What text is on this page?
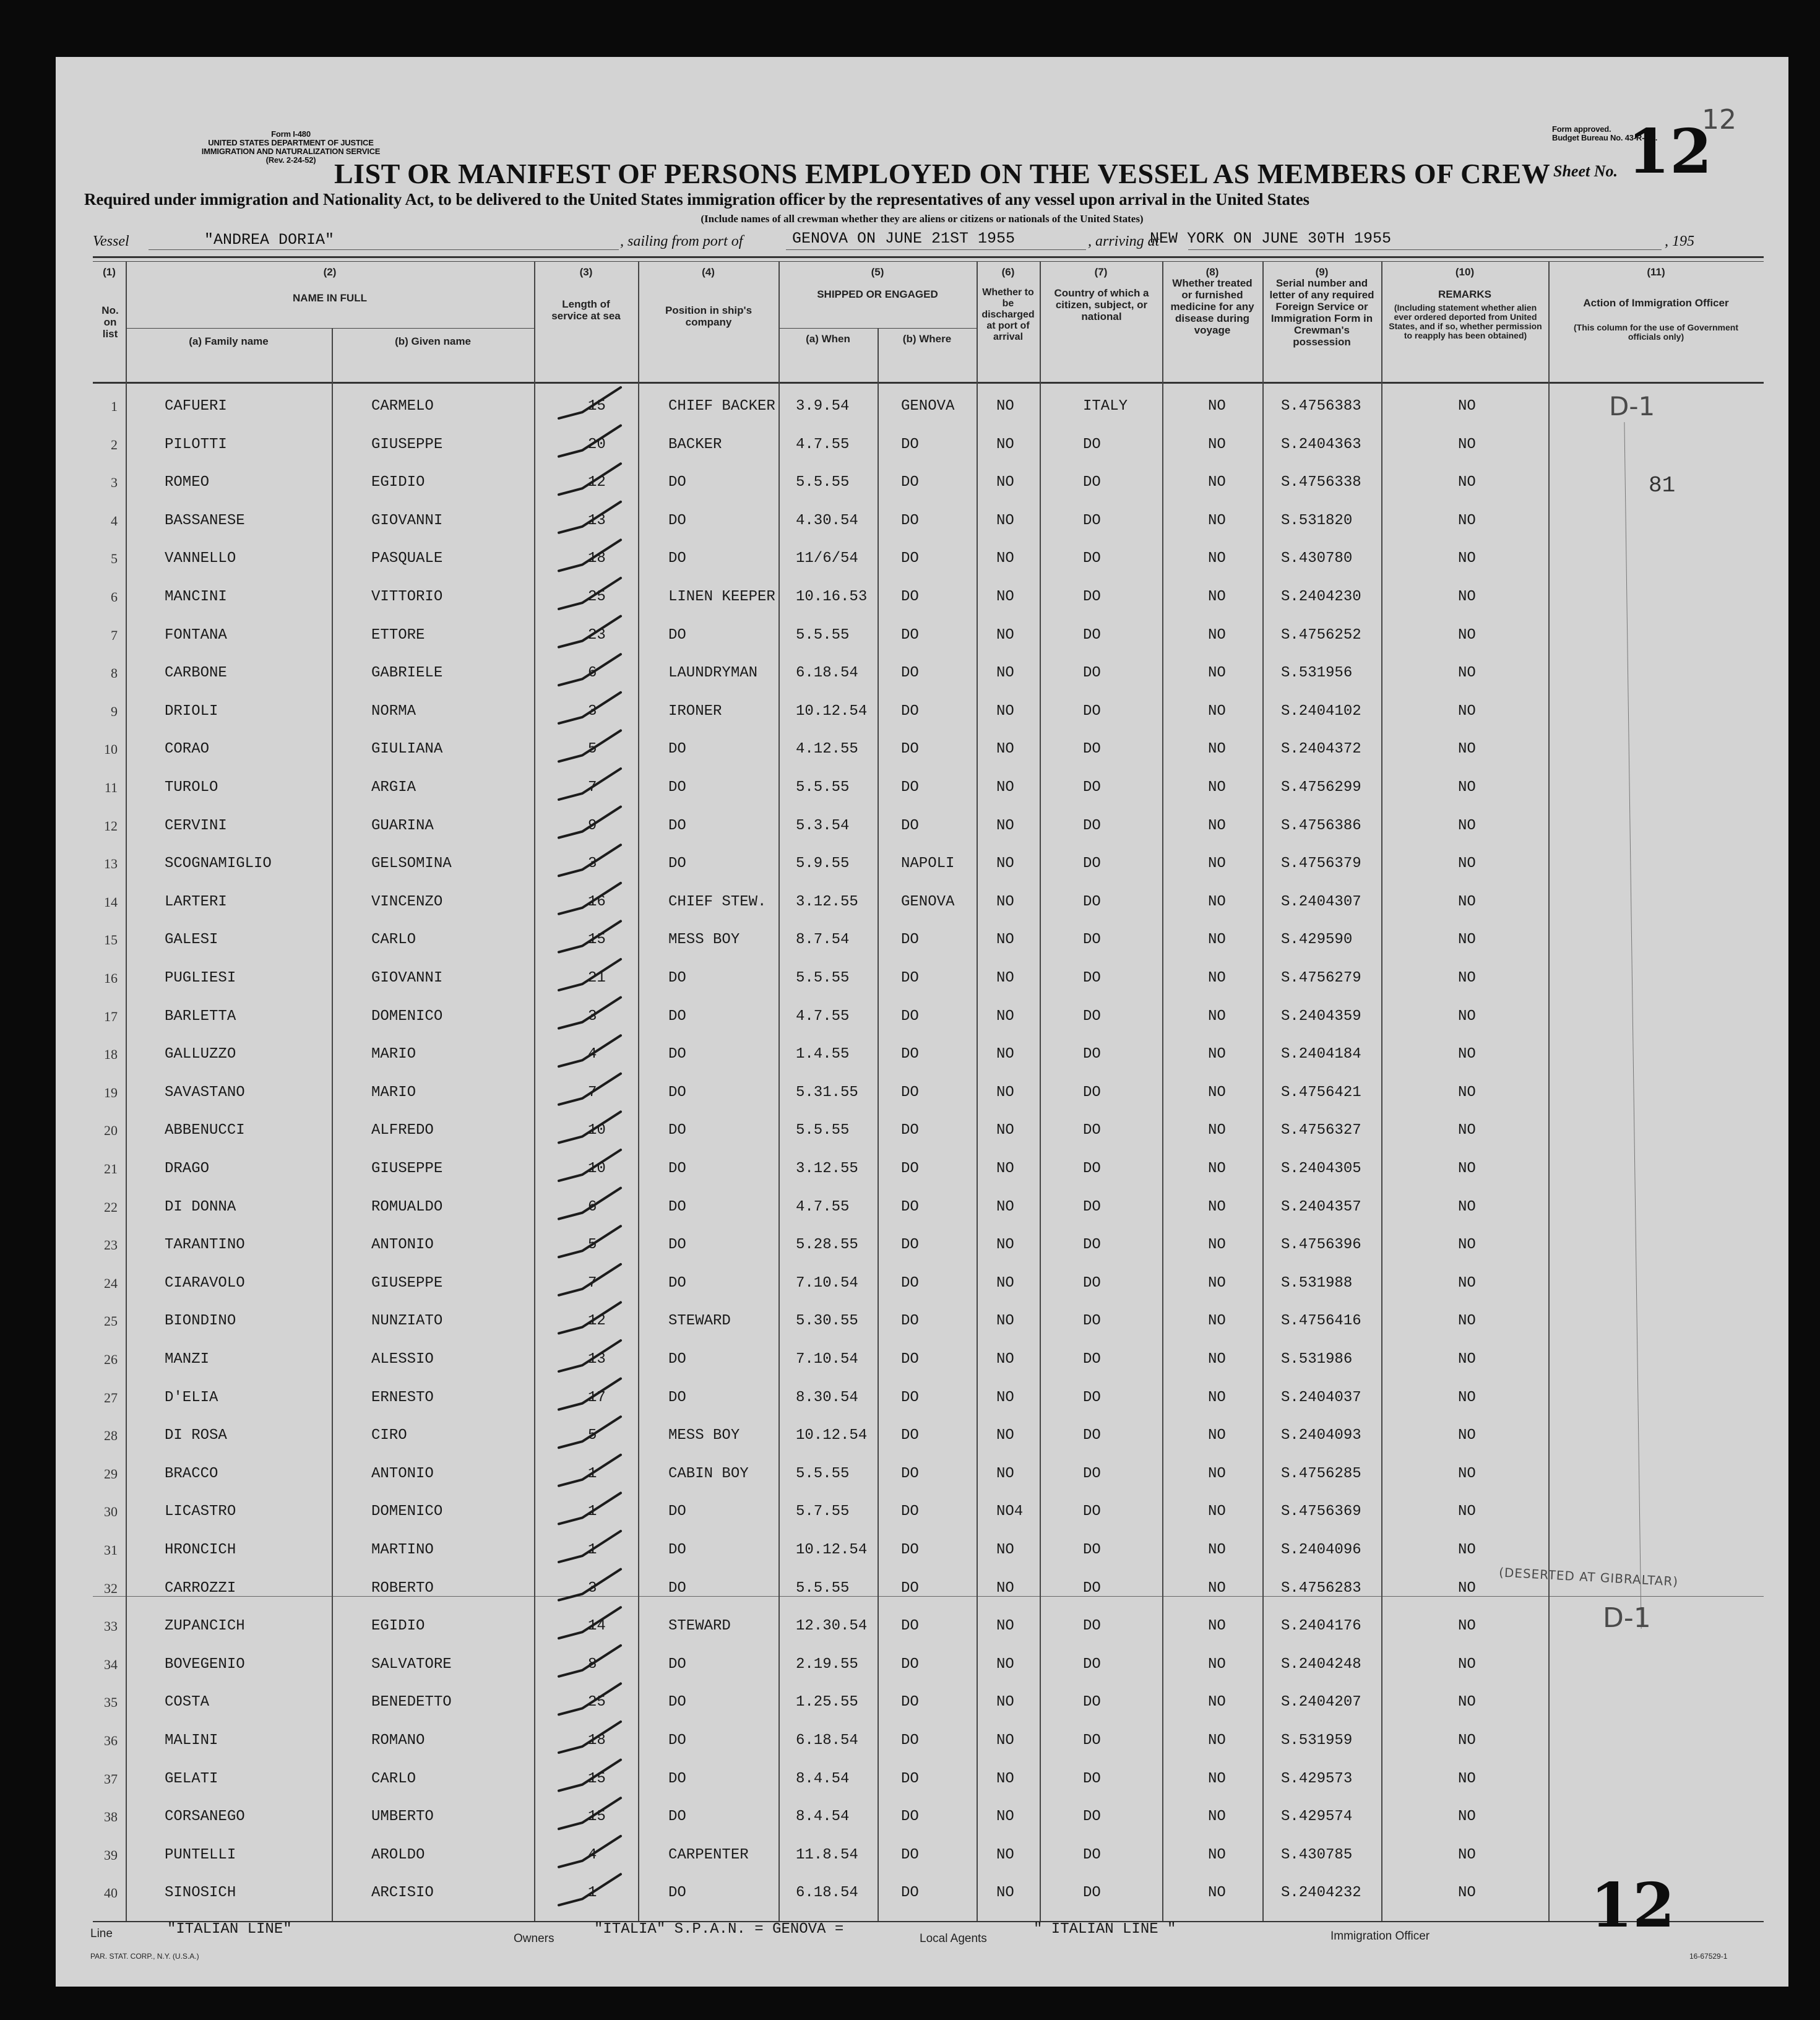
Form I-480
UNITED STATES DEPARTMENT OF JUSTICE
IMMIGRATION AND NATURALIZATION SERVICE
(Rev. 2-24-52)
Form approved.
Budget Bureau No. 43-R-8.3.
LIST OR MANIFEST OF PERSONS EMPLOYED ON THE VESSEL AS MEMBERS OF CREW Sheet No. 12
12
Required under immigration and Nationality Act, to be delivered to the United States immigration officer by the representatives of any vessel upon arrival in the United States
(Include names of all crewman whether they are aliens or citizens or nationals of the United States)
Vessel	"ANDREA DORIA"	, sailing from port of	GENOVA ON JUNE 21ST 1955	, arriving at
NEW YORK ON JUNE 30TH 1955	, 195
(1)
No. on list
(2)
NAME IN FULL
(a) Family name	(b) Given name
(3)
Length of service at sea
(4)
Position in ship's company
(5)
SHIPPED OR ENGAGED
(a) When	(b) Where
(6)
Whether to be discharged at port of arrival
(7)
Country of which a citizen, subject, or national
(8)
Whether treated or furnished medicine for any disease during voyage
(9)
Serial number and letter of any required Foreign Service or Immigration Form in Crewman's possession
(10)
REMARKS
(Including statement whether alien ever ordered deported from United States, and if so, whether permission to reapply has been obtained)
(11)
Action of Immigration Officer
(This column for the use of Government officials only)
1	CAFUERI	CARMELO	15	CHIEF BACKER 3.9.54	GENOVA	NO	ITALY	NO	S.4756383	NO
2	PILOTTI	GIUSEPPE	20	BACKER	4.7.55	DO	NO	DO	NO	S.2404363	NO
3	ROMEO	EGIDIO	12	DO	5.5.55	DO	NO	DO	NO	S.4756338	NO
4	BASSANESE	GIOVANNI	13	DO	4.30.54	DO	NO	DO	NO	S.531820	NO
5	VANNELLO	PASQUALE	18	DO	11/6/54	DO	NO	DO	NO	S.430780	NO
6	MANCINI	VITTORIO	25	LINEN KEEPER 10.16.53 DO	NO	DO	NO	S.2404230	NO
7	FONTANA	ETTORE	23	DO	5.5.55	DO	NO	DO	NO	S.4756252	NO
8	CARBONE	GABRIELE	6	LAUNDRYMAN	6.18.54	DO	NO	DO	NO	S.531956	NO
9	DRIOLI	NORMA	3	IRONER	10.12.54 DO	NO	DO	NO	S.2404102	NO
10	CORAO	GIULIANA	5	DO	4.12.55	DO	NO	DO	NO	S.2404372	NO
11	TUROLO	ARGIA	7	DO	5.5.55	DO	NO	DO	NO	S.4756299	NO
12	CERVINI	GUARINA	9	DO	5.3.54	DO	NO	DO	NO	S.4756386	NO
13	SCOGNAMIGLIO	GELSOMINA	3	DO	5.9.55	NAPOLI	NO	DO	NO	S.4756379	NO
14	LARTERI	VINCENZO	16	CHIEF STEW. 3.12.55	GENOVA	NO	DO	NO	S.2404307	NO
15	GALESI	CARLO	15	MESS BOY	8.7.54	DO	NO	DO	NO	S.429590	NO
16	PUGLIESI	GIOVANNI	21	DO	5.5.55	DO	NO	DO	NO	S.4756279	NO
17	BARLETTA	DOMENICO	3	DO	4.7.55	DO	NO	DO	NO	S.2404359	NO
18	GALLUZZO	MARIO	4	DO	1.4.55	DO	NO	DO	NO	S.2404184	NO
19	SAVASTANO	MARIO	7	DO	5.31.55	DO	NO	DO	NO	S.4756421	NO
20	ABBENUCCI	ALFREDO	10	DO	5.5.55	DO	NO	DO	NO	S.4756327	NO
21	DRAGO	GIUSEPPE	10	DO	3.12.55	DO	NO	DO	NO	S.2404305	NO
22	DI DONNA	ROMUALDO	6	DO	4.7.55	DO	NO	DO	NO	S.2404357	NO
23	TARANTINO	ANTONIO	5	DO	5.28.55	DO	NO	DO	NO	S.4756396	NO
24	CIARAVOLO	GIUSEPPE	7	DO	7.10.54	DO	NO	DO	NO	S.531988	NO
25	BIONDINO	NUNZIATO	12	STEWARD	5.30.55	DO	NO	DO	NO	S.4756416	NO
26	MANZI	ALESSIO	13	DO	7.10.54	DO	NO	DO	NO	S.531986	NO
27	D'ELIA	ERNESTO	17	DO	8.30.54	DO	NO	DO	NO	S.2404037	NO
28	DI ROSA	CIRO	5	MESS BOY	10.12.54 DO	NO	DO	NO	S.2404093	NO
29	BRACCO	ANTONIO	1	CABIN BOY	5.5.55	DO	NO	DO	NO	S.4756285	NO
30	LICASTRO	DOMENICO	1	DO	5.7.55	DO	NO4	DO	NO	S.4756369	NO
31	HRONCICH	MARTINO	1	DO	10.12.54 DO	NO	DO	NO	S.2404096	NO
32	CARROZZI	ROBERTO	3	DO	5.5.55	DO	NO	DO	NO	S.4756283	NO
33	ZUPANCICH	EGIDIO	14	STEWARD	12.30.54 DO	NO	DO	NO	S.2404176	NO
34	BOVEGENIO	SALVATORE	8	DO	2.19.55	DO	NO	DO	NO	S.2404248	NO
35	COSTA	BENEDETTO	25	DO	1.25.55	DO	NO	DO	NO	S.2404207	NO
36	MALINI	ROMANO	18	DO	6.18.54	DO	NO	DO	NO	S.531959	NO
37	GELATI	CARLO	15	DO	8.4.54	DO	NO	DO	NO	S.429573	NO
38	CORSANEGO	UMBERTO	15	DO	8.4.54	DO	NO	DO	NO	S.429574	NO
39	PUNTELLI	AROLDO	4	CARPENTER	11.8.54	DO	NO	DO	NO	S.430785	NO
40	SINOSICH	ARCISIO	1	DO	6.18.54	DO	NO	DO	NO	S.2404232	NO
D-1
81
(DESERTED AT GIBRALTAR)
D-1
Line	"ITALIAN LINE"
Owners
"ITALIA" S.P.A.N. = GENOVA =
Local Agents
" ITALIAN LINE "	Immigration Officer	12
PAR. STAT. CORP., N.Y. (U.S.A.)	16-67529-1
